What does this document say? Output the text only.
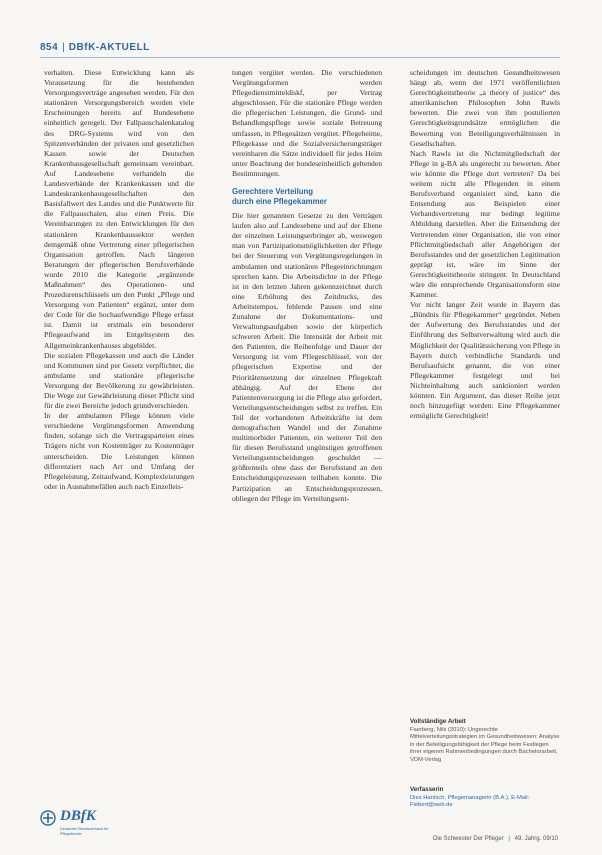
854 | DBfK-AKTUELL

verhalten. Diese Entwicklung kann als Vorausetzung für die bestehenden Versorgungsverträge angesehen werden. Für den stationären Versorgungsbereich werden viele Erscheinungen bereits auf Bundesebene einheitlich geregelt. Der Fallpauschalenkatalog des DRG-Systems wird von den Spitzenverbänden der privaten und gesetzlichen Kassen sowie der Deutschen Krankenhausgesellschaft gemeinsam vereinbart. Auf Landesebene verhandeln die Landesverbände der Krankenkassen und die Landeskrankenhausgesellschaften den Basisfallwert des Landes und die Punktwerte für die Fallpauschalen, also einen Preis. Die Vereinbarungen zu den Entwicklungen für den stationären Krankenhaussektor werden demgemäß ohne Vertretung einer pflegerischen Organisation getroffen. Nach längeren Beratungen der pflegerischen Berufsverbände wurde 2010 die Kategorie „ergänzende Maßnahmen“ des Operationen- und Prozedurenschlüssels um den Punkt „Pflege und Versorgung von Patienten“ ergänzt, unter dem der Code für die hochaufwendige Pflege erfasst ist. Damit ist erstmals ein besonderer Pflegeaufwand im Entgeltsystem des Allgemeinkrankenhauses abgebildet.

Die sozialen Pflegekassen und auch die Länder und Kommunen sind per Gesetz verpflichtet, die ambulante und stationäre pflegerische Versorgung der Bevölkerung zu gewährleisten. Die Wege zur Gewährleistung dieser Pflicht sind für die zwei Bereiche jedoch grundverschieden.

In der ambulanten Pflege können viele verschiedene Vergütungsformen Anwendung finden, solange sich die Vertragsparteien eines Trägers nicht von Kostenträger zu Kostenträger unterscheiden. Die Leistungen können differenziert nach Art und Umfang der Pflegeleistung, Zeitaufwand, Komplexleistungen oder in Ausnahmefällen auch nach Einzelleis-

tungen vergütet werden. Die verschiedenen Vergütungsformen werden Pflegedienstmitteldiskf, per Vertrag abgeschlossen. Für die stationäre Pflege werden die pflegerischen Leistungen, die Grund- und Behandlungspflege sowie soziale Betreuung umfassen, in Pflegesätzen vergütet. Pflegeheime, Pflegekasse und die Sozialversicherungsträger vereinbaren die Sätze individuell für jedes Heim unter Beachtung der bundeseinheitlich geltenden Bestimmungen.

Gerechtere Verteilung
durch eine Pflegekammer

Die hier genannten Gesetze zu den Verträgen laufen also auf Landesebene und auf der Ebene der einzelnen Leistungserbringer ab, weswegen man von Partizipationsmöglichkeiten der Pflege bei der Steuerung von Vergütungsregelungen in ambulanten und stationären Pflegeeinrichtungen sprechen kann. Die Arbeitsdichte in der Pflege ist in den letzten Jahren gekennzeichnet durch eine Erhöhung des Zeitdrucks, des Arbeitstempos, fehlende Pausen und eine Zunahme der Dokumentations- und Verwaltungsaufgaben sowie der körperlich schweren Arbeit. Die Intensität der Arbeit mit den Patienten, die Reihenfolge und Dauer der Versorgung ist vom Pflegeschlüssel, von der pflegerischen Expertise und der Prioritätensetzung der einzelnen Pflegekraft abhängig. Auf der Ebene der Patientenversorgung ist die Pflege also gefordert, Verteilungsentscheidungen selbst zu treffen. Ein Teil der vorhandenen Arbeitskräfte ist dem demografischen Wandel und der Zunahme multimorbider Patienten, ein weiterer Teil den für diesen Berufsstand ungünstigen getroffenen Verteilungsentscheidungen geschuldet — größtenteils ohne dass der Berufsstand an den Entscheidungsprozessen teilhaben konnte. Die Partizipation an Entscheidungsprozessen, obliegen der Pflege im Verteilungsent-

scheidungen im deutschen Gesundheitswesen hängt ab, wenn der 1971 veröffentlichten Gerechtigkeitstheorie „a theory of justice“ des amerikanischen Philosophen John Rawls bewerten. Die zwei von ihm postulierten Gerechtigkeitsgrundsätze ermöglichen die Bewertung von Beteiligungsverhältnissen in Gesellschaften.

Nach Rawls ist die Nichtmitgliedschaft der Pflege in g-BA als ungerecht zu bewerten. Aber wie könnte die Pflege dort vertreten? Da bei weitem nicht alle Pflegenden in einem Berufsverband organisiert sind, kann die Entsendung aus Beispielen einer Verbandsvertretung nur bedingt legitime Abbildung darstellen. Aber die Entsendung der Vertretenden einer Organisation, die von einer Pflichtmitgliedschaft aller Angehörigen der Berufsstandes und der gesetzlichen Legitimation geprägt ist, wäre im Sinne der Gerechtigkeitstheorie stringent. In Deutschland wäre die entsprechende Organisationsform eine Kammer.

Vor nicht langer Zeit wurde in Bayern das „Bündnis für Pflegekammer“ gegründet. Neben der Aufwertung des Berufsstandes und der Einführung des Selbstverwaltung wird auch die Möglichkeit der Qualitätssicherung von Pflege in Bayern durch verbindliche Standards und Berufsaufsicht genannt, die von einer Pflegekammer festgelegt und bei Nichteinhaltung auch sanktioniert werden könnten. Ein Argument, das dieser Reihe jetzt noch hinzugefügt werden: Eine Pflegekammer ermöglicht Gerechtigkeit!

Vollständige Arbeit
Faerberg, Nils (2010): Ungerechte Mittelverteilungsstrategien im Gesundheitswesen: Analyse in der Beteiligungsfähigkeit der Pflege beim Festlegen ihrer eigenen Rahmenbedingungen durch Bachelorarbeit, VDM-Verlag
Verfasserin
Dies Hantsch, Pflegemanagerin (B.A.), E-Mail: Fiebert@web.de
DBfK
Deutscher Berufsverband für Pflegeberufe
Die Schwester Der Pfleger | 49. Jahrg. 09/10
